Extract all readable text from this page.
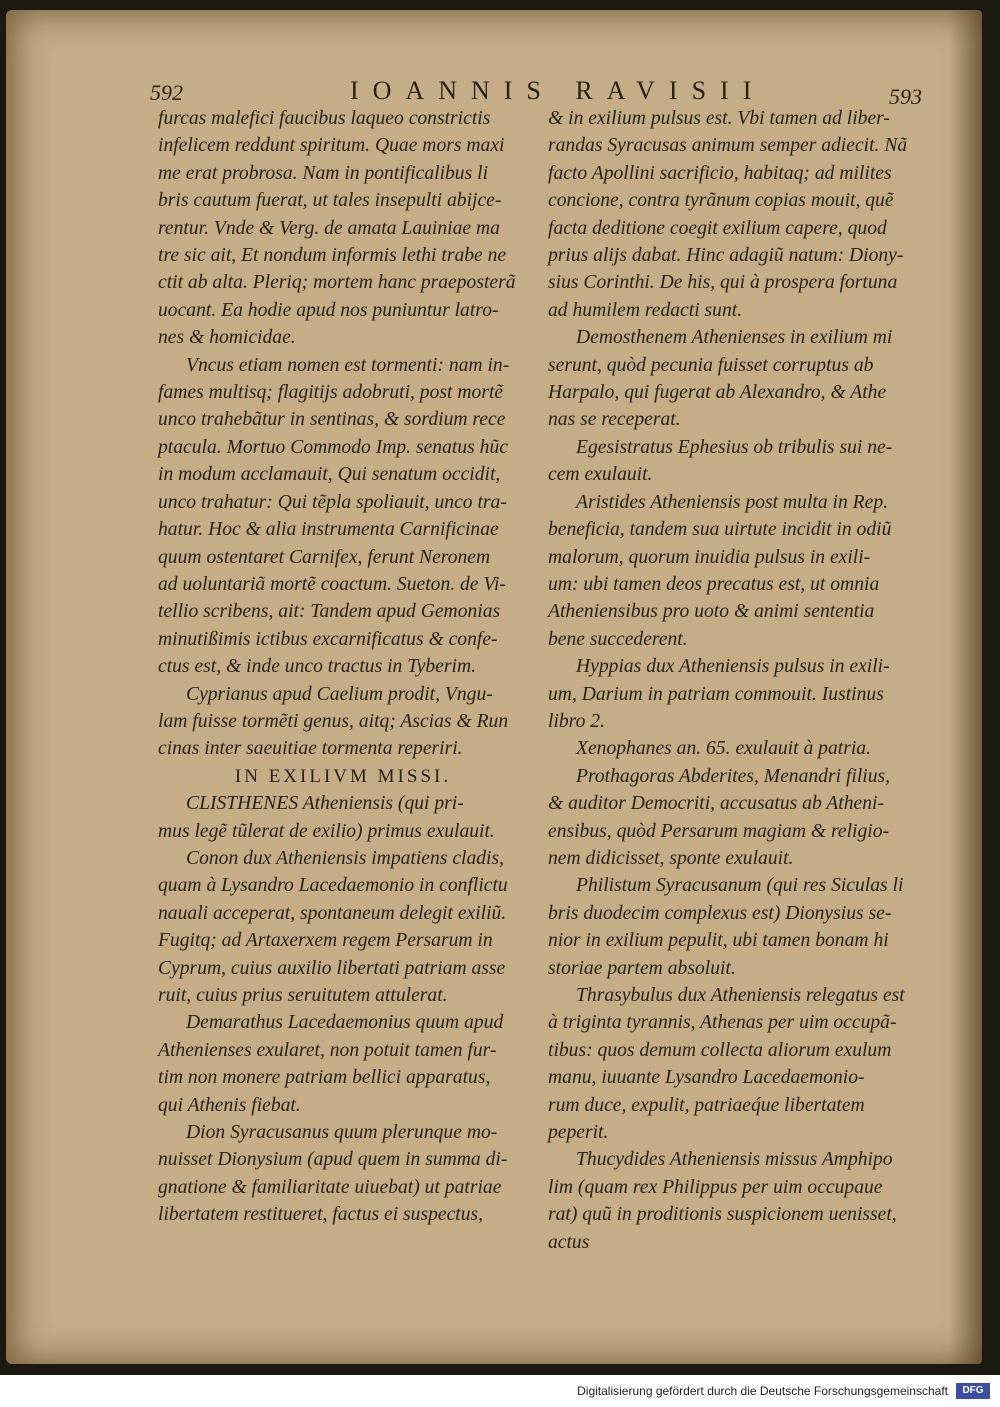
592	IOANNIS RAVISII	593

furcas malefici faucibus laqueo constrictis
infelicem reddunt spiritum. Quae mors maxi
me erat probrosa. Nam in pontificalibus li
bris cautum fuerat, ut tales insepulti abijce-
rentur. Vnde & Verg. de amata Lauiniae ma
tre sic ait, Et nondum informis lethi trabe ne
ctit ab alta. Pleriq; mortem hanc praeposterã
uocant. Ea hodie apud nos puniuntur latro-
nes & homicidae.

Vncus etiam nomen est tormenti: nam in-
fames multisq; flagitijs adobruti, post mortẽ
unco trahebãtur in sentinas, & sordium rece
ptacula. Mortuo Commodo Imp. senatus hũc
in modum acclamauit, Qui senatum occidit,
unco trahatur: Qui tẽpla spoliauit, unco tra-
hatur. Hoc & alia instrumenta Carnificinae
quum ostentaret Carnifex, ferunt Neronem
ad uoluntariã mortẽ coactum. Sueton. de Vi-
tellio scribens, ait: Tandem apud Gemonias
minutißimis ictibus excarnificatus & confe-
ctus est, & inde unco tractus in Tyberim.

Cyprianus apud Caelium prodit, Vngu-
lam fuisse tormẽti genus, aitq; Ascias & Run
cinas inter saeuitiae tormenta reperiri.

IN EXILIVM MISSI.

CLISTHENES Atheniensis (qui pri-
mus legẽ tũlerat de exilio) primus exulauit.

Conon dux Atheniensis impatiens cladis,
quam à Lysandro Lacedaemonio in conflictu
nauali acceperat, spontaneum delegit exiliũ.
Fugitq; ad Artaxerxem regem Persarum in
Cyprum, cuius auxilio libertati patriam asse
ruit, cuius prius seruitutem attulerat.

Demarathus Lacedaemonius quum apud
Athenienses exularet, non potuit tamen fur-
tim non monere patriam bellici apparatus,
qui Athenis fiebat.

Dion Syracusanus quum plerunque mo-
nuisset Dionysium (apud quem in summa di-
gnatione & familiaritate uiuebat) ut patriae
libertatem restitueret, factus ei suspectus,

& in exilium pulsus est. Vbi tamen ad liber-
randas Syracusas animum semper adiecit. Nã
facto Apollini sacrificio, habitaq; ad milites
concione, contra tyrãnum copias mouit, quẽ
facta deditione coegit exilium capere, quod
prius alijs dabat. Hinc adagiũ natum: Diony-
sius Corinthi. De his, qui à prospera fortuna
ad humilem redacti sunt.

Demosthenem Athenienses in exilium mi
serunt, quòd pecunia fuisset corruptus ab
Harpalo, qui fugerat ab Alexandro, & Athe
nas se receperat.

Egesistratus Ephesius ob tribulis sui ne-
cem exulauit.

Aristides Atheniensis post multa in Rep.
beneficia, tandem sua uirtute incidit in odiũ
malorum, quorum inuidia pulsus in exili-
um: ubi tamen deos precatus est, ut omnia
Atheniensibus pro uoto & animi sententia
bene succederent.

Hyppias dux Atheniensis pulsus in exili-
um, Darium in patriam commouit. Iustinus
libro 2.

Xenophanes an. 65. exulauit à patria.

Prothagoras Abderites, Menandri filius,
& auditor Democriti, accusatus ab Atheni-
ensibus, quòd Persarum magiam & religio-
nem didicisset, sponte exulauit.

Philistum Syracusanum (qui res Siculas li
bris duodecim complexus est) Dionysius se-
nior in exilium pepulit, ubi tamen bonam hi
storiae partem absoluit.

Thrasybulus dux Atheniensis relegatus est
à triginta tyrannis, Athenas per uim occupã-
tibus: quos demum collecta aliorum exulum
manu, iuuante Lysandro Lacedaemonio-
rum duce, expulit, patriaeq́ue libertatem
peperit.

Thucydides Atheniensis missus Amphipo
lim (quam rex Philippus per uim occupaue
rat) quũ in proditionis suspicionem uenisset,
actus

Digitalisierung gefördert durch die Deutsche Forschungsgemeinschaft	DFG
